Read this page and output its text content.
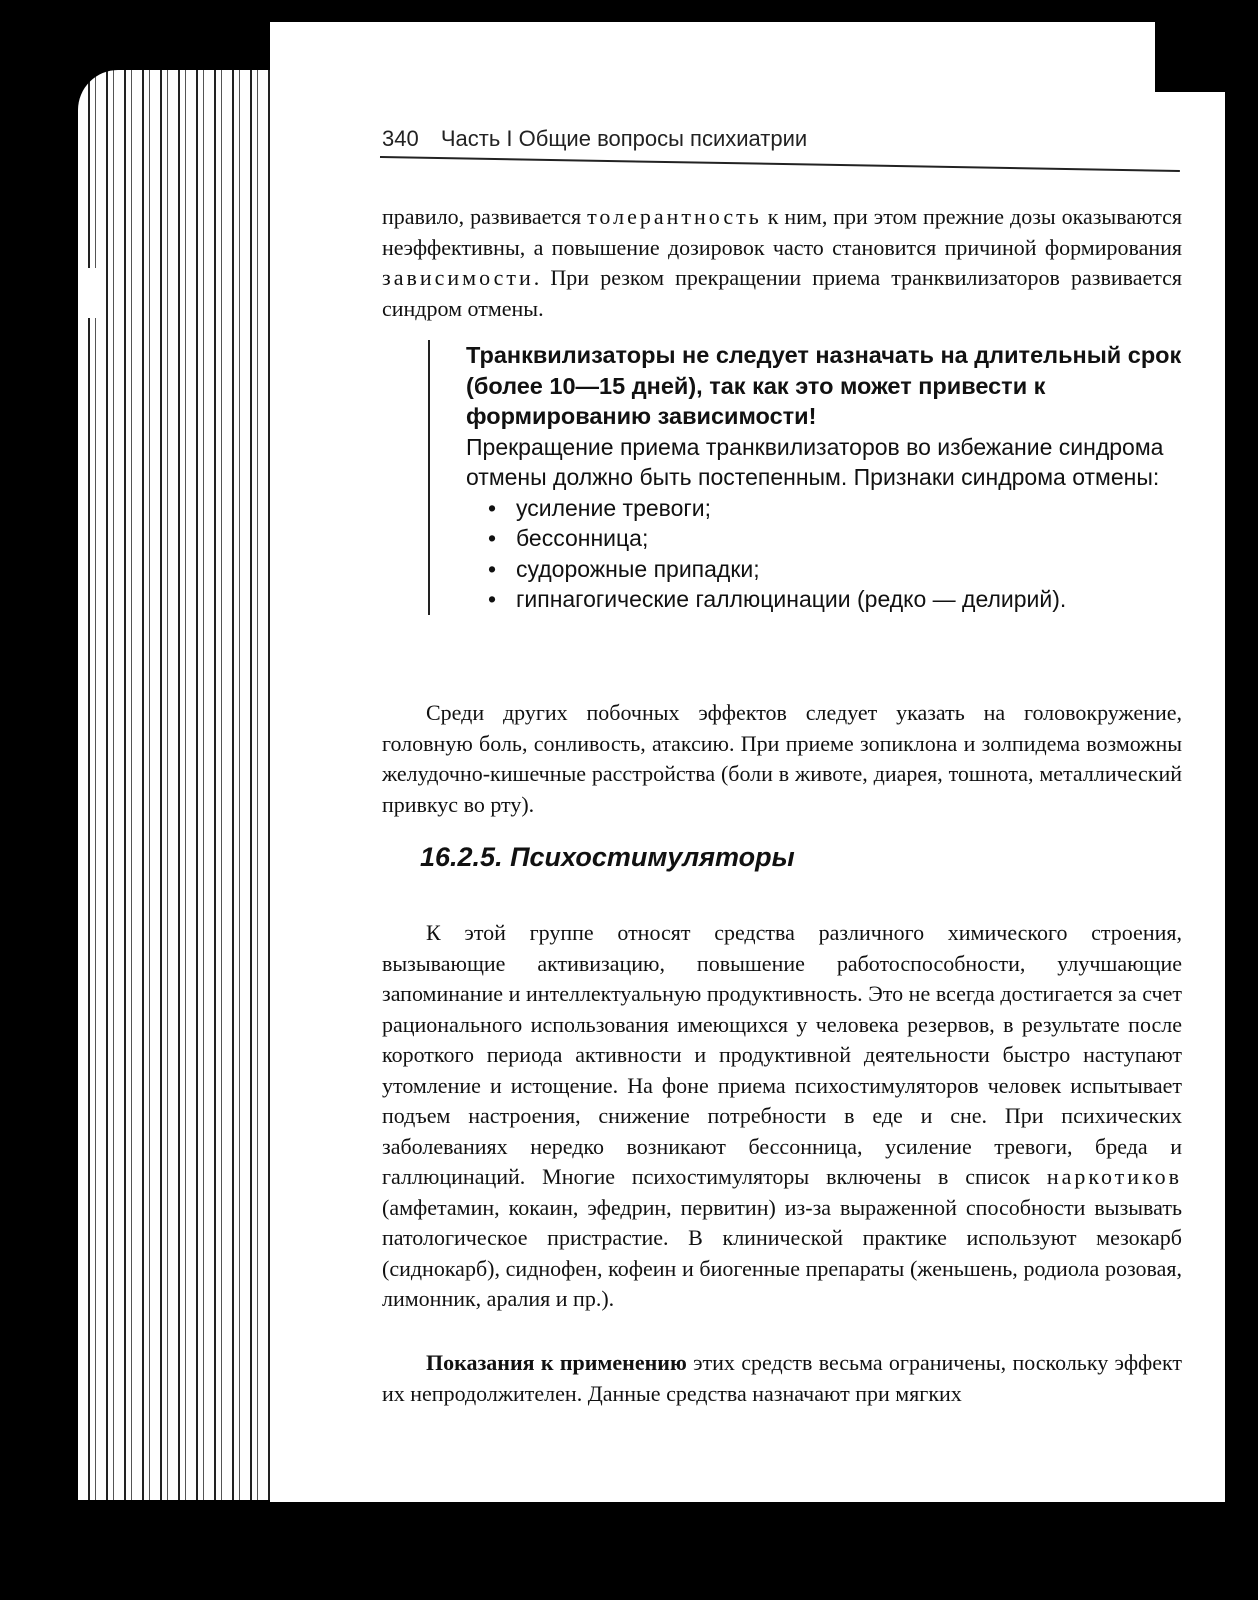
340 Часть I Общие вопросы психиатрии

правило, развивается толерантность к ним, при этом прежние дозы оказываются неэффективны, а повышение дозировок часто становится причиной формирования зависимости. При резком прекращении приема транквилизаторов развивается синдром отмены.

Транквилизаторы не следует назначать на длительный срок (более 10—15 дней), так как это может привести к формированию зависимости!
Прекращение приема транквилизаторов во избежание синдрома отмены должно быть постепенным. Признаки синдрома отмены:
• усиление тревоги;
• бессонница;
• судорожные припадки;
• гипнагогические галлюцинации (редко — делирий).

Среди других побочных эффектов следует указать на головокружение, головную боль, сонливость, атаксию. При приеме зопиклона и золпидема возможны желудочно-кишечные расстройства (боли в животе, диарея, тошнота, металлический привкус во рту).

16.2.5. Психостимуляторы

К этой группе относят средства различного химического строения, вызывающие активизацию, повышение работоспособности, улучшающие запоминание и интеллектуальную продуктивность. Это не всегда достигается за счет рационального использования имеющихся у человека резервов, в результате после короткого периода активности и продуктивной деятельности быстро наступают утомление и истощение. На фоне приема психостимуляторов человек испытывает подъем настроения, снижение потребности в еде и сне. При психических заболеваниях нередко возникают бессонница, усиление тревоги, бреда и галлюцинаций. Многие психостимуляторы включены в список наркотиков (амфетамин, кокаин, эфедрин, первитин) из-за выраженной способности вызывать патологическое пристрастие. В клинической практике используют мезокарб (сиднокарб), сиднофен, кофеин и биогенные препараты (женьшень, родиола розовая, лимонник, аралия и пр.).

Показания к применению этих средств весьма ограничены, поскольку эффект их непродолжителен. Данные средства назначают при мягких
